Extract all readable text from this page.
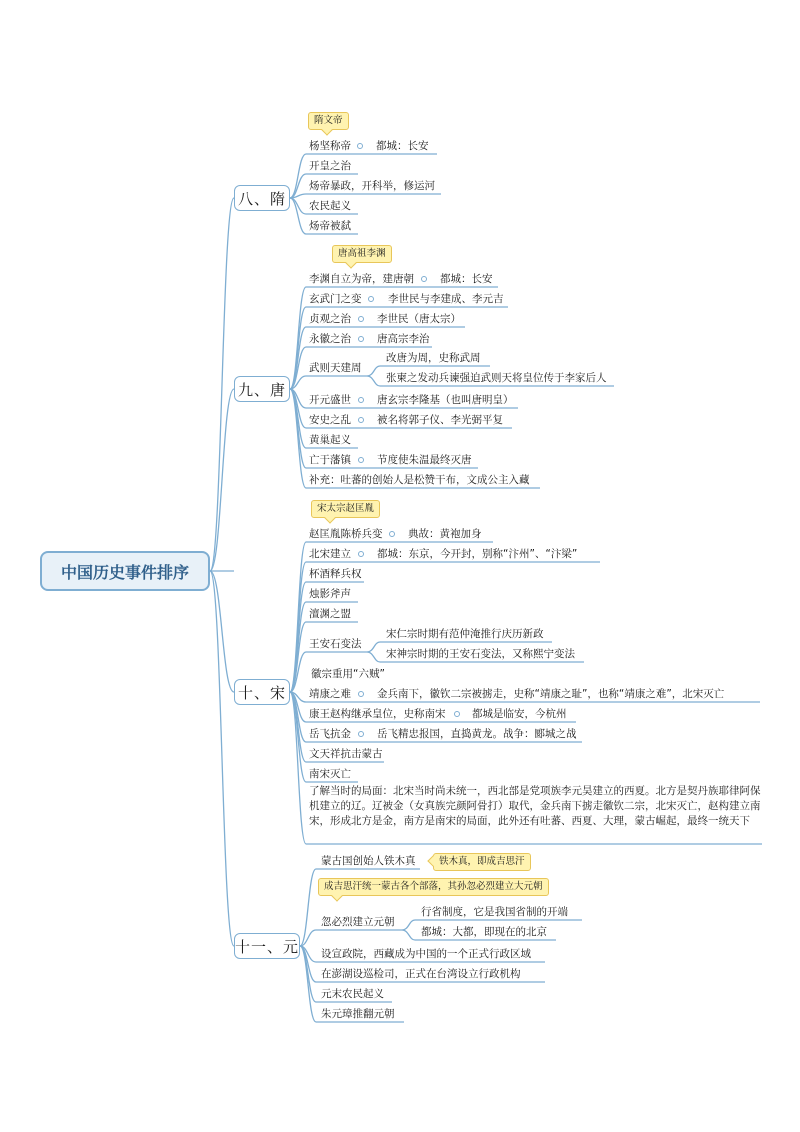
中国历史事件排序
八、隋
隋文帝
杨坚称帝 都城：长安
开皇之治
炀帝暴政，开科举，修运河
农民起义
炀帝被弑
九、唐
唐高祖李渊
李渊自立为帝，建唐朝 都城：长安
玄武门之变	李世民与李建成、李元吉
贞观之治 李世民（唐太宗）
永徽之治 唐高宗李治
武则天建周
改唐为周，史称武周
张柬之发动兵谏强迫武则天将皇位传于李家后人
开元盛世 唐玄宗李隆基（也叫唐明皇）
安史之乱 被名将郭子仪、李光弼平复
黄巢起义
亡于藩镇 节度使朱温最终灭唐
补充：吐蕃的创始人是松赞干布，文成公主入藏
十、宋
宋太宗赵匡胤
赵匡胤陈桥兵变 典故：黄袍加身
北宋建立 都城：东京，今开封，别称“汴州”、“汴梁”
杯酒释兵权
烛影斧声
澶渊之盟
王安石变法
宋仁宗时期有范仲淹推行庆历新政
宋神宗时期的王安石变法，又称熙宁变法
徽宗重用“六贼”
靖康之难 金兵南下，徽钦二宗被掳走，史称“靖康之耻”，也称“靖康之难”，北宋灭亡
康王赵构继承皇位，史称南宋	都城是临安，今杭州
岳飞抗金 岳飞精忠报国，直捣黄龙。战争：郾城之战
文天祥抗击蒙古
南宋灭亡
了解当时的局面：北宋当时尚未统一，西北部是党项族李元昊建立的西夏。北方是契丹族耶律阿保机建立的辽。辽被金（女真族完颜阿骨打）取代，金兵南下掳走徽钦二宗，北宋灭亡，赵构建立南宋，形成北方是金，南方是南宋的局面，此外还有吐蕃、西夏、大理，蒙古崛起，最终一统天下
十一、元
蒙古国创始人铁木真	铁木真，即成吉思汗
成吉思汗统一蒙古各个部落，其孙忽必烈建立大元朝
忽必烈建立元朝
行省制度，它是我国省制的开端
都城：大都，即现在的北京
设宣政院，西藏成为中国的一个正式行政区域
在澎湖设巡检司，正式在台湾设立行政机构
元末农民起义
朱元璋推翻元朝
